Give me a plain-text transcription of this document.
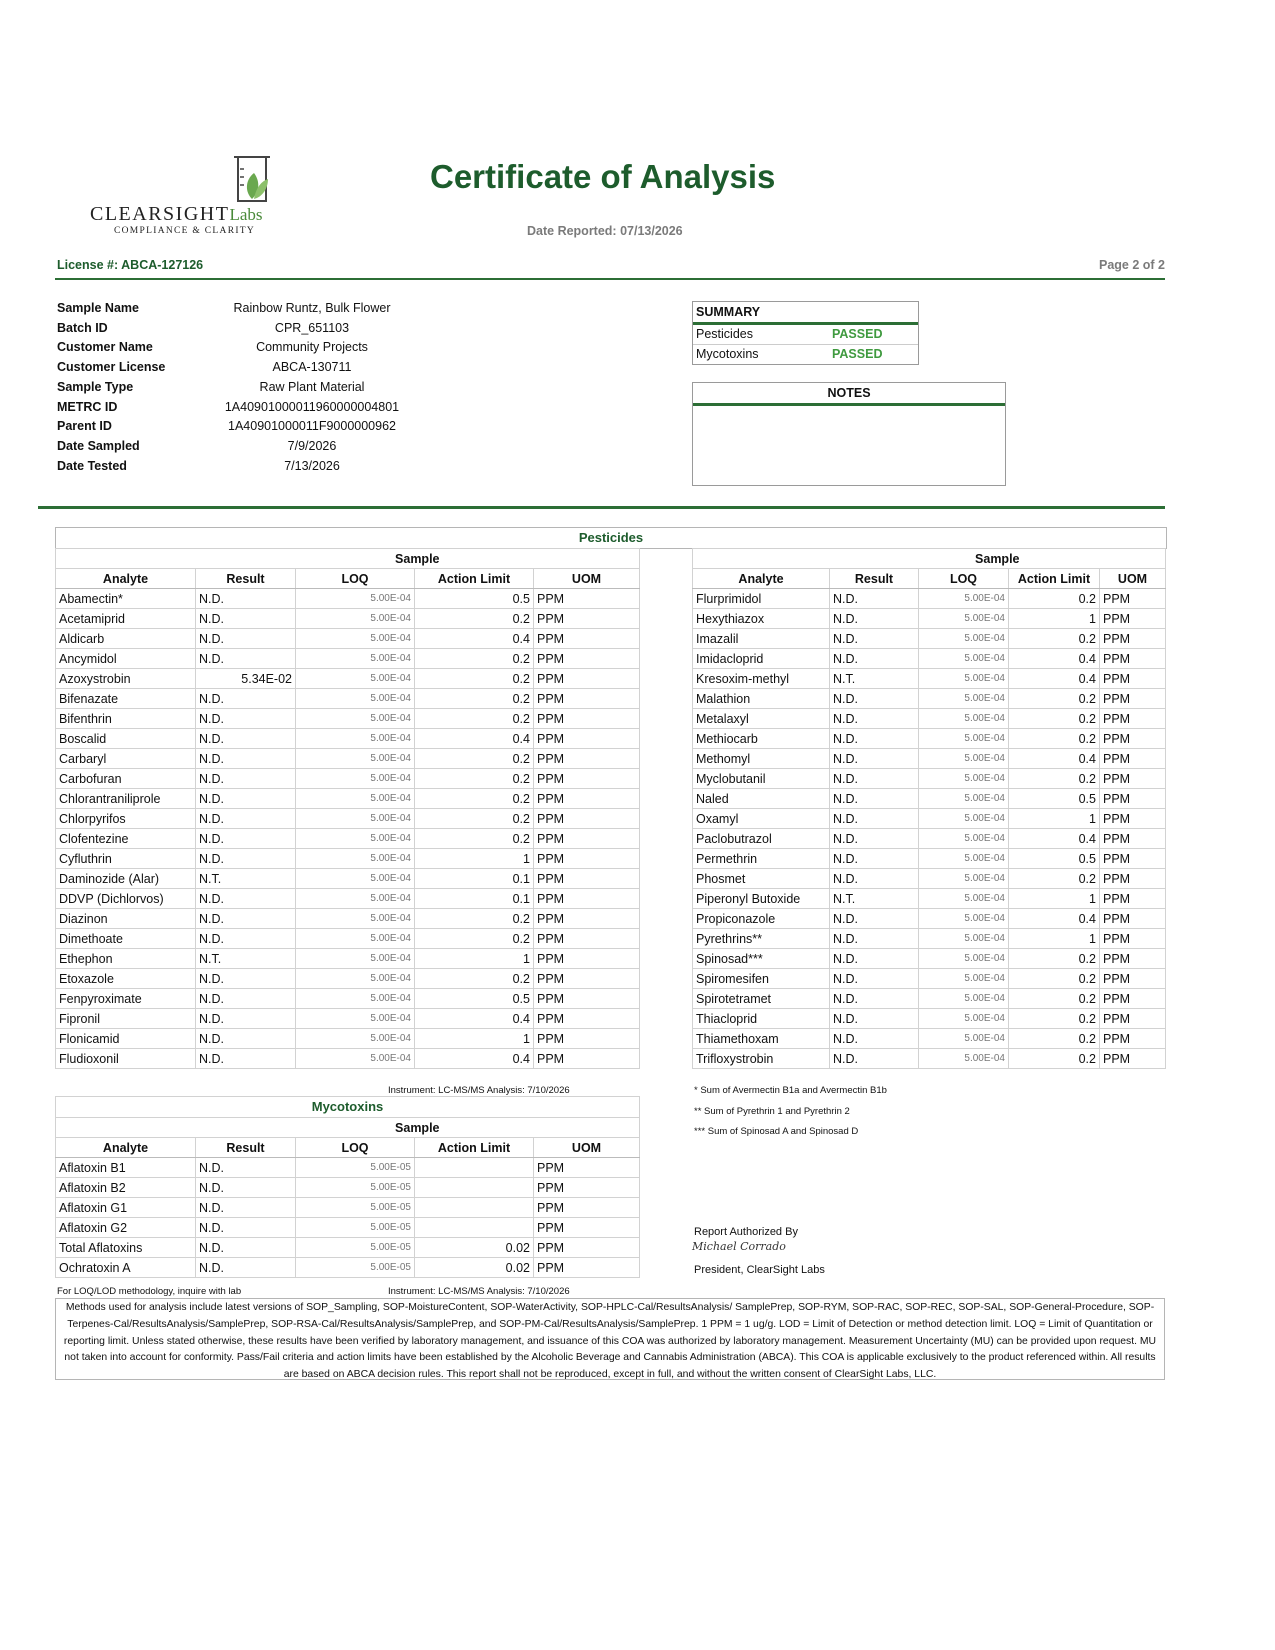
CLEARSIGHTLabs
COMPLIANCE & CLARITY
Certificate of Analysis
Date Reported: 07/13/2026
License #: ABCA-127126	Page 2 of 2
Sample Name	Rainbow Runtz, Bulk Flower
Batch ID	CPR_651103
Customer Name	Community Projects
Customer License	ABCA-130711
Sample Type	Raw Plant Material
METRC ID	1A40901000011960000004801
Parent ID	1A40901000011F9000000962
Date Sampled	7/9/2026
Date Tested	7/13/2026
SUMMARY
Pesticides	PASSED
Mycotoxins	PASSED
NOTES
Pesticides
	Sample			
Analyte	Result	LOQ	Action Limit	UOM
Abamectin*	N.D.	5.00E-04	0.5	PPM
Acetamiprid	N.D.	5.00E-04	0.2	PPM
Aldicarb	N.D.	5.00E-04	0.4	PPM
Ancymidol	N.D.	5.00E-04	0.2	PPM
Azoxystrobin	5.34E-02	5.00E-04	0.2	PPM
Bifenazate	N.D.	5.00E-04	0.2	PPM
Bifenthrin	N.D.	5.00E-04	0.2	PPM
Boscalid	N.D.	5.00E-04	0.4	PPM
Carbaryl	N.D.	5.00E-04	0.2	PPM
Carbofuran	N.D.	5.00E-04	0.2	PPM
Chlorantraniliprole	N.D.	5.00E-04	0.2	PPM
Chlorpyrifos	N.D.	5.00E-04	0.2	PPM
Clofentezine	N.D.	5.00E-04	0.2	PPM
Cyfluthrin	N.D.	5.00E-04	1	PPM
Daminozide (Alar)	N.T.	5.00E-04	0.1	PPM
DDVP (Dichlorvos)	N.D.	5.00E-04	0.1	PPM
Diazinon	N.D.	5.00E-04	0.2	PPM
Dimethoate	N.D.	5.00E-04	0.2	PPM
Ethephon	N.T.	5.00E-04	1	PPM
Etoxazole	N.D.	5.00E-04	0.2	PPM
Fenpyroximate	N.D.	5.00E-04	0.5	PPM
Fipronil	N.D.	5.00E-04	0.4	PPM
Flonicamid	N.D.	5.00E-04	1	PPM
Fludioxonil	N.D.	5.00E-04	0.4	PPM
	Sample			
Analyte	Result	LOQ	Action Limit	UOM
Flurprimidol	N.D.	5.00E-04	0.2	PPM
Hexythiazox	N.D.	5.00E-04	1	PPM
Imazalil	N.D.	5.00E-04	0.2	PPM
Imidacloprid	N.D.	5.00E-04	0.4	PPM
Kresoxim-methyl	N.T.	5.00E-04	0.4	PPM
Malathion	N.D.	5.00E-04	0.2	PPM
Metalaxyl	N.D.	5.00E-04	0.2	PPM
Methiocarb	N.D.	5.00E-04	0.2	PPM
Methomyl	N.D.	5.00E-04	0.4	PPM
Myclobutanil	N.D.	5.00E-04	0.2	PPM
Naled	N.D.	5.00E-04	0.5	PPM
Oxamyl	N.D.	5.00E-04	1	PPM
Paclobutrazol	N.D.	5.00E-04	0.4	PPM
Permethrin	N.D.	5.00E-04	0.5	PPM
Phosmet	N.D.	5.00E-04	0.2	PPM
Piperonyl Butoxide	N.T.	5.00E-04	1	PPM
Propiconazole	N.D.	5.00E-04	0.4	PPM
Pyrethrins**	N.D.	5.00E-04	1	PPM
Spinosad***	N.D.	5.00E-04	0.2	PPM
Spiromesifen	N.D.	5.00E-04	0.2	PPM
Spirotetramet	N.D.	5.00E-04	0.2	PPM
Thiacloprid	N.D.	5.00E-04	0.2	PPM
Thiamethoxam	N.D.	5.00E-04	0.2	PPM
Trifloxystrobin	N.D.	5.00E-04	0.2	PPM
Instrument: LC-MS/MS Analysis: 7/10/2026	* Sum of Avermectin B1a and Avermectin B1b
** Sum of Pyrethrin 1 and Pyrethrin 2
*** Sum of Spinosad A and Spinosad D
Mycotoxins
	Sample			
Analyte	Result	LOQ	Action Limit	UOM
Aflatoxin B1	N.D.	5.00E-05		PPM
Aflatoxin B2	N.D.	5.00E-05		PPM
Aflatoxin G1	N.D.	5.00E-05		PPM
Aflatoxin G2	N.D.	5.00E-05		PPM
Total Aflatoxins	N.D.	5.00E-05	0.02	PPM
Ochratoxin A	N.D.	5.00E-05	0.02	PPM
For LOQ/LOD methodology, inquire with lab	Instrument: LC-MS/MS Analysis: 7/10/2026
Report Authorized By
Michael Corrado
President, ClearSight Labs
Methods used for analysis include latest versions of SOP_Sampling, SOP-MoistureContent, SOP-WaterActivity, SOP-HPLC-Cal/ResultsAnalysis/ SamplePrep, SOP-RYM, SOP-RAC, SOP-REC, SOP-SAL, SOP-General-Procedure, SOP-Terpenes-Cal/ResultsAnalysis/SamplePrep, SOP-RSA-Cal/ResultsAnalysis/SamplePrep, and SOP-PM-Cal/ResultsAnalysis/SamplePrep. 1 PPM = 1 ug/g. LOD = Limit of Detection or method detection limit. LOQ = Limit of Quantitation or reporting limit. Unless stated otherwise, these results have been verified by laboratory management, and issuance of this COA was authorized by laboratory management. Measurement Uncertainty (MU) can be provided upon request. MU not taken into account for conformity. Pass/Fail criteria and action limits have been established by the Alcoholic Beverage and Cannabis Administration (ABCA). This COA is applicable exclusively to the product referenced within. All results are based on ABCA decision rules. This report shall not be reproduced, except in full, and without the written consent of ClearSight Labs, LLC.
